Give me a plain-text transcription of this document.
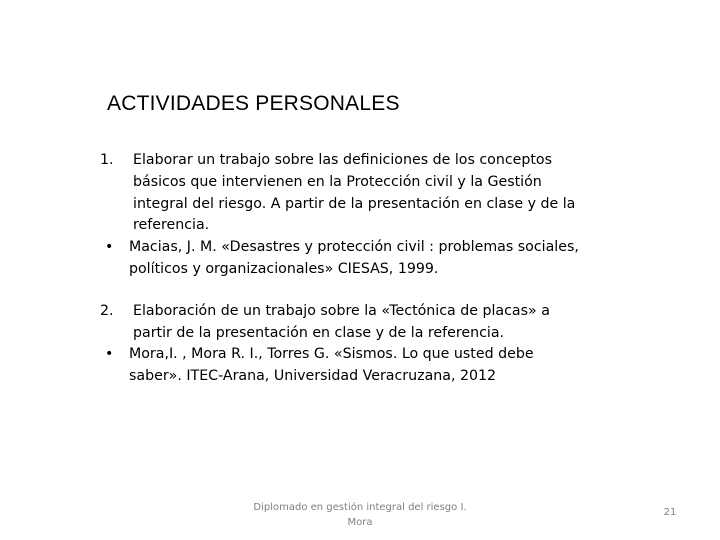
ACTIVIDADES PERSONALES
1. Elaborar un trabajo sobre las definiciones de los conceptos básicos que intervienen en la Protección civil y la Gestión integral del riesgo. A partir de la presentación en clase y de la referencia.
• Macias, J. M. «Desastres y protección civil : problemas sociales, políticos y organizacionales» CIESAS, 1999.
2. Elaboración de un trabajo sobre la «Tectónica de placas» a partir de la presentación en clase y de la referencia.
• Mora,I. , Mora R. I., Torres G. «Sismos. Lo que usted debe saber». ITEC-Arana, Universidad Veracruzana, 2012
Diplomado en gestión integral del riesgo I. Mora
21
